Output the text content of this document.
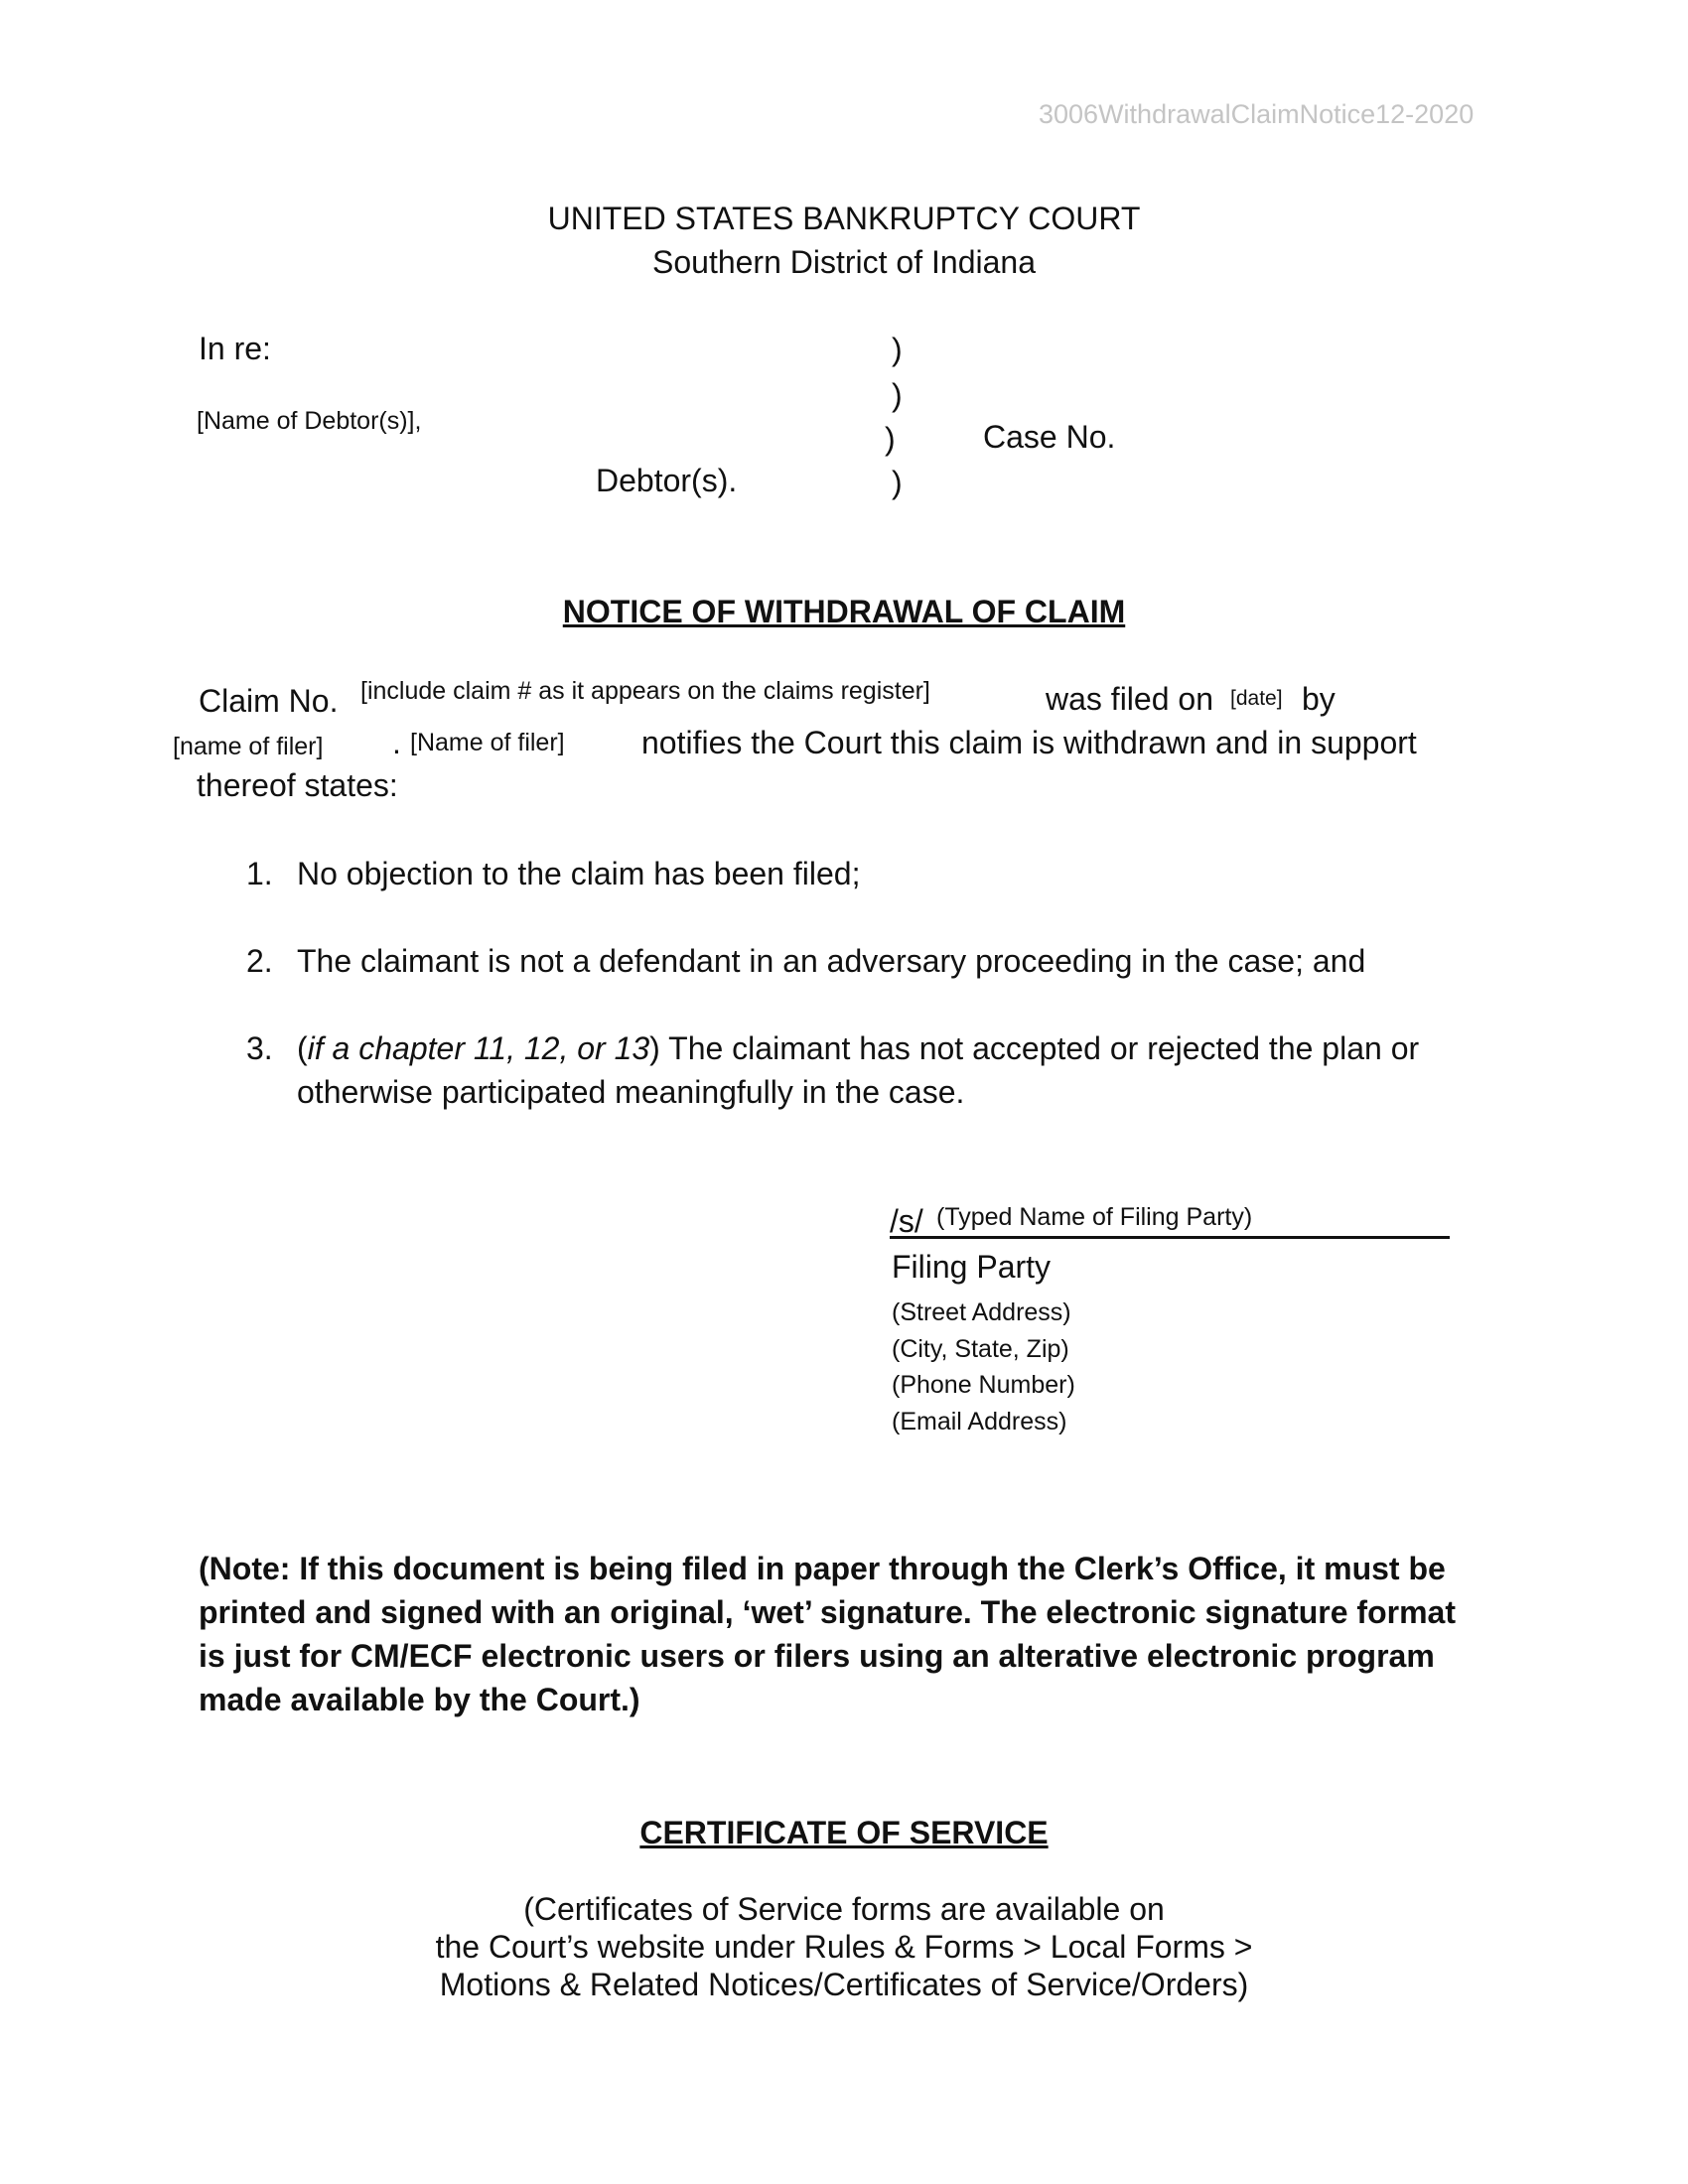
3006WithdrawalClaimNotice12-2020
UNITED STATES BANKRUPTCY COURT
Southern District of Indiana
In re:
[Name of Debtor(s)],
Debtor(s).
)
)
)
)
Case No.
NOTICE OF WITHDRAWAL OF CLAIM
Claim No. [include claim # as it appears on the claims register]	was filed on [date] by
[name of filer] . [Name of filer] notifies the Court this claim is withdrawn and in support
thereof states:
1. No objection to the claim has been filed;
2. The claimant is not a defendant in an adversary proceeding in the case; and
3. (if a chapter 11, 12, or 13) The claimant has not accepted or rejected the plan or
otherwise participated meaningfully in the case.
/s/ (Typed Name of Filing Party)
Filing Party
(Street Address)
(City, State, Zip)
(Phone Number)
(Email Address)
(Note: If this document is being filed in paper through the Clerk’s Office, it must be printed and signed with an original, ‘wet’ signature. The electronic signature format is just for CM/ECF electronic users or filers using an alterative electronic program made available by the Court.)
CERTIFICATE OF SERVICE
(Certificates of Service forms are available on
the Court’s website under Rules & Forms > Local Forms >
Motions & Related Notices/Certificates of Service/Orders)
